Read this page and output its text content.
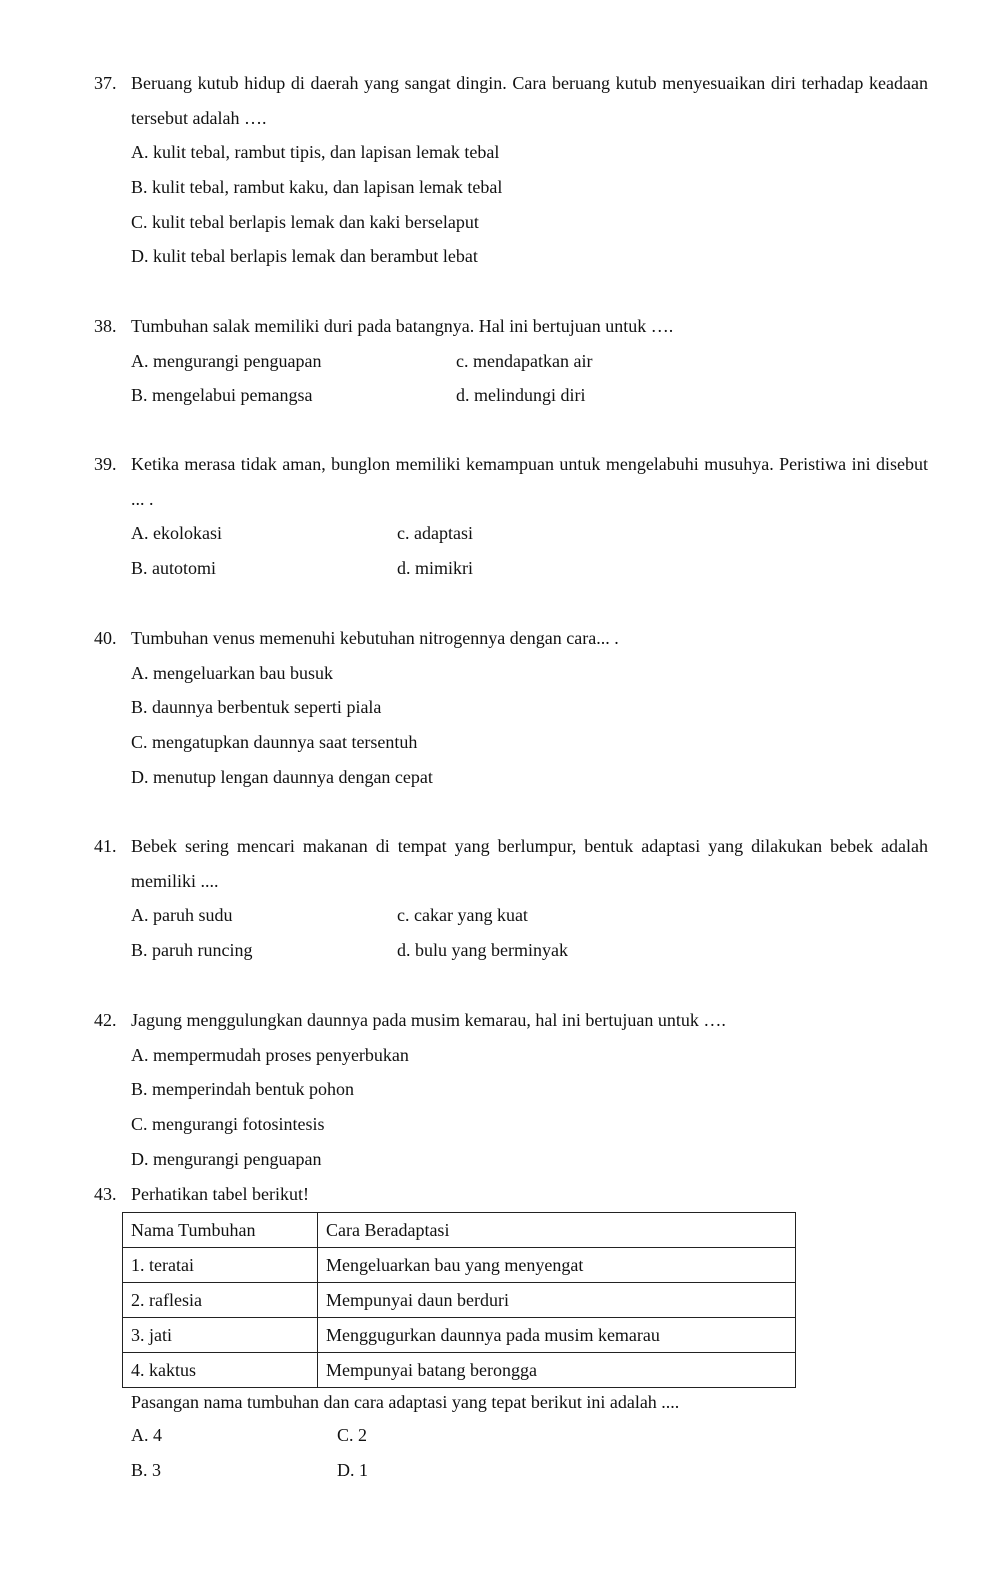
37. Beruang kutub hidup di daerah yang sangat dingin. Cara beruang kutub menyesuaikan diri terhadap keadaan tersebut adalah ….
A. kulit tebal, rambut tipis, dan lapisan lemak tebal
B. kulit tebal, rambut kaku, dan lapisan lemak tebal
C. kulit tebal berlapis lemak dan kaki berselaput
D. kulit tebal berlapis lemak dan berambut lebat
38. Tumbuhan salak memiliki duri pada batangnya. Hal ini bertujuan untuk ….
A. mengurangi penguapan	c. mendapatkan air
B. mengelabui pemangsa	d. melindungi diri
39. Ketika merasa tidak aman, bunglon memiliki kemampuan untuk mengelabuhi musuhya. Peristiwa ini disebut ... .
A. ekolokasi	c. adaptasi
B. autotomi	d. mimikri
40. Tumbuhan venus memenuhi kebutuhan nitrogennya dengan cara... .
A. mengeluarkan bau busuk
B. daunnya berbentuk seperti piala
C. mengatupkan daunnya saat tersentuh
D. menutup lengan daunnya dengan cepat
41. Bebek sering mencari makanan di tempat yang berlumpur, bentuk adaptasi yang dilakukan bebek adalah memiliki ....
A. paruh sudu	c. cakar yang kuat
B. paruh runcing	d. bulu yang berminyak
42. Jagung menggulungkan daunnya pada musim kemarau, hal ini bertujuan untuk ….
A. mempermudah proses penyerbukan
B. memperindah bentuk pohon
C. mengurangi fotosintesis
D. mengurangi penguapan
43. Perhatikan tabel berikut!
Nama Tumbuhan	Cara Beradaptasi
1. teratai	Mengeluarkan bau yang menyengat
2. raflesia	Mempunyai daun berduri
3. jati	Menggugurkan daunnya pada musim kemarau
4. kaktus	Mempunyai batang berongga
Pasangan nama tumbuhan dan cara adaptasi yang tepat berikut ini adalah ....
A. 4	C. 2
B. 3	D. 1
